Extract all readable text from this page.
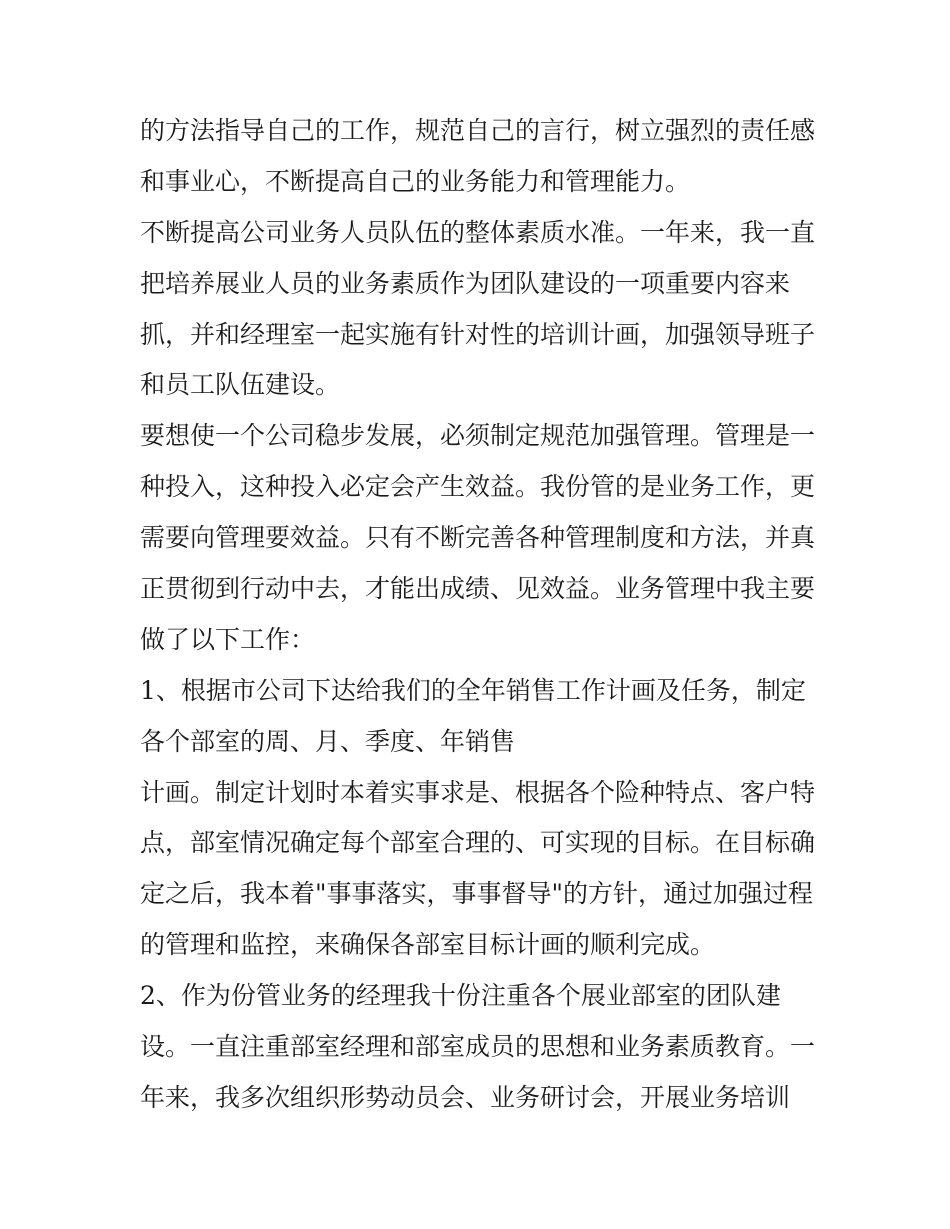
的方法指导自己的工作，规范自己的言行，树立强烈的责任感
和事业心，不断提高自己的业务能力和管理能力。
不断提高公司业务人员队伍的整体素质水准。一年来，我一直
把培养展业人员的业务素质作为团队建设的一项重要内容来
抓，并和经理室一起实施有针对性的培训计画，加强领导班子
和员工队伍建设。
要想使一个公司稳步发展，必须制定规范加强管理。管理是一
种投入，这种投入必定会产生效益。我份管的是业务工作，更
需要向管理要效益。只有不断完善各种管理制度和方法，并真
正贯彻到行动中去，才能出成绩、见效益。业务管理中我主要
做了以下工作：
1、根据市公司下达给我们的全年销售工作计画及任务，制定
各个部室的周、月、季度、年销售
计画。制定计划时本着实事求是、根据各个险种特点、客户特
点，部室情况确定每个部室合理的、可实现的目标。在目标确
定之后，我本着"事事落实，事事督导"的方针，通过加强过程
的管理和监控，来确保各部室目标计画的顺利完成。
2、作为份管业务的经理我十份注重各个展业部室的团队建
设。一直注重部室经理和部室成员的思想和业务素质教育。一
年来，我多次组织形势动员会、业务研讨会，开展业务培训
